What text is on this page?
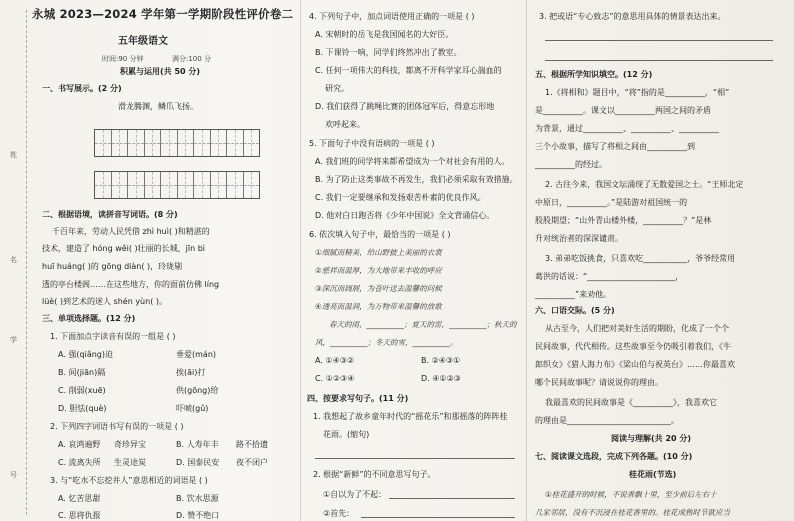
姓
名
学
号
永城 2023—2024 学年第一学期阶段性评价卷二
五年级语文
时间:90 分钟	满分:100 分
积累与运用(共 50 分)
一、书写展示。(2 分)
滑龙腾渊，鳞爪飞扬。
二、根据语境，读拼音写词语。(8 分)
千百年来，劳动人民凭借 zhì huì( )和精湛的
技术，建造了 hóng wěi( )壮丽的长城，jīn bì
huī huáng( )的 gōng diàn( )，玲珑剔
透的亭台楼阁……在这些地方，你的面前仿佛 líng
lüè( )到艺术的迷人 shén yùn( )。
三、单项选择题。(12 分)
1. 下面加点字读音有误的一组是 ( )
A. 强(qiǎng)迫	垂爱(mán)
B. 间(jiān)隔	挨(āi)打
C. 削弱(xuē)	供(gōng)给
D. 胆怯(què)	吓唬(gǔ)
2. 下列四字词语书写有误的一项是 ( )
A. 哀鸿遍野 奇珍异宝	B. 人寿年丰 路不拾遗
C. 流离失所 生灵途炭	D. 国泰民安 夜不闭户
3. 与“吃水不忘挖井人”意思相近的词语是 ( )
A. 忆苦思甜	B. 饮水思源
C. 思将仇报	D. 赞不绝口
4. 下列句子中，加点词语使用正确的一项是 ( )
A. 宋朝时的岳飞是我国闻名的大好臣。
B. 下课铃一响，同学们终然冲出了教室。
C. 任何一项伟大的科技，都离不开科学家耳心湍血的
研究。
D. 我们获得了跳绳比赛的团体冠军后，得意忘形地
欢呼起来。
5. 下面句子中没有语病的一项是 ( )
A. 我们班的同学将来都希望成为一个对社会有用的人。
B. 为了防止这类事故不再发生，我们必须采取有效措施。
C. 我们一定要继承和发扬艰苦朴素的优良作风。
D. 他对白日跑否将《少年中国说》全文背诵信心。
6. 依次填入句子中，最恰当的一项是 ( )
①细腻而精美，给山野披上美丽的衣裳
②慈祥而温厚，为大地带来丰收的呼应
③深沉而阔展，为苍叶送去温馨的问候
④透亮而温润，为万物带来温馨的放歌
春天的雨，__________；夏天的雷，__________；秋天的
风，__________；冬天的雪，__________。
A. ①④③②	B. ②④③①
C. ①②③④	D. ④①②③
四、按要求写句子。(11 分)
1. 我想起了故乡童年时代的“摇花乐”和那摇落的阵阵桂
花雨。(缩句)
2. 根据“新鲜”的不同意思写句子。
①自以为了不起：
②首先：
3. 把或语“专心致志”的意思用具体的情景表达出来。
五、根据所学知识填空。(12 分)
1.《将相和》题目中，“将”指的是__________，“相”
是__________。课文以__________两国之间的矛盾
为背景，通过__________、__________、__________
三个小故事，描写了将相之间由__________到
__________的经过。
2. 古往今来，我国文坛涌现了无数爱国之士。“王师北定
中原日，__________。”是陆游对祖国统一的
股股期望；“山外青山楼外楼，__________？”是林
升对统治者的深深谴责。
3. 弟弟吃饭挑食，只喜欢吃___________，爷爷经常用
葛洪的话说：“______________________，
__________”来劝他。
六、口语交际。(5 分)
从古至今，人们把对美好生活的期盼，化成了一个个
民间故事，代代相传。这些故事至今仍吸引着我们，《牛
郎织女》《猎人海力布》《梁山伯与祝英台》……你最喜欢
哪个民间故事呢？请说说你的理由。
我最喜欢的民间故事是《__________》，我喜欢它
的理由是__________________________。
阅读与理解(共 20 分)
七、阅读课文选段，完成下列各题。(10 分)
桂花雨(节选)
①桂花盛开的时候，不说香飘十里，至少前后左右十
几家邻居，没有不沉浸在桂花香里的。桂花成熟时节就应当
